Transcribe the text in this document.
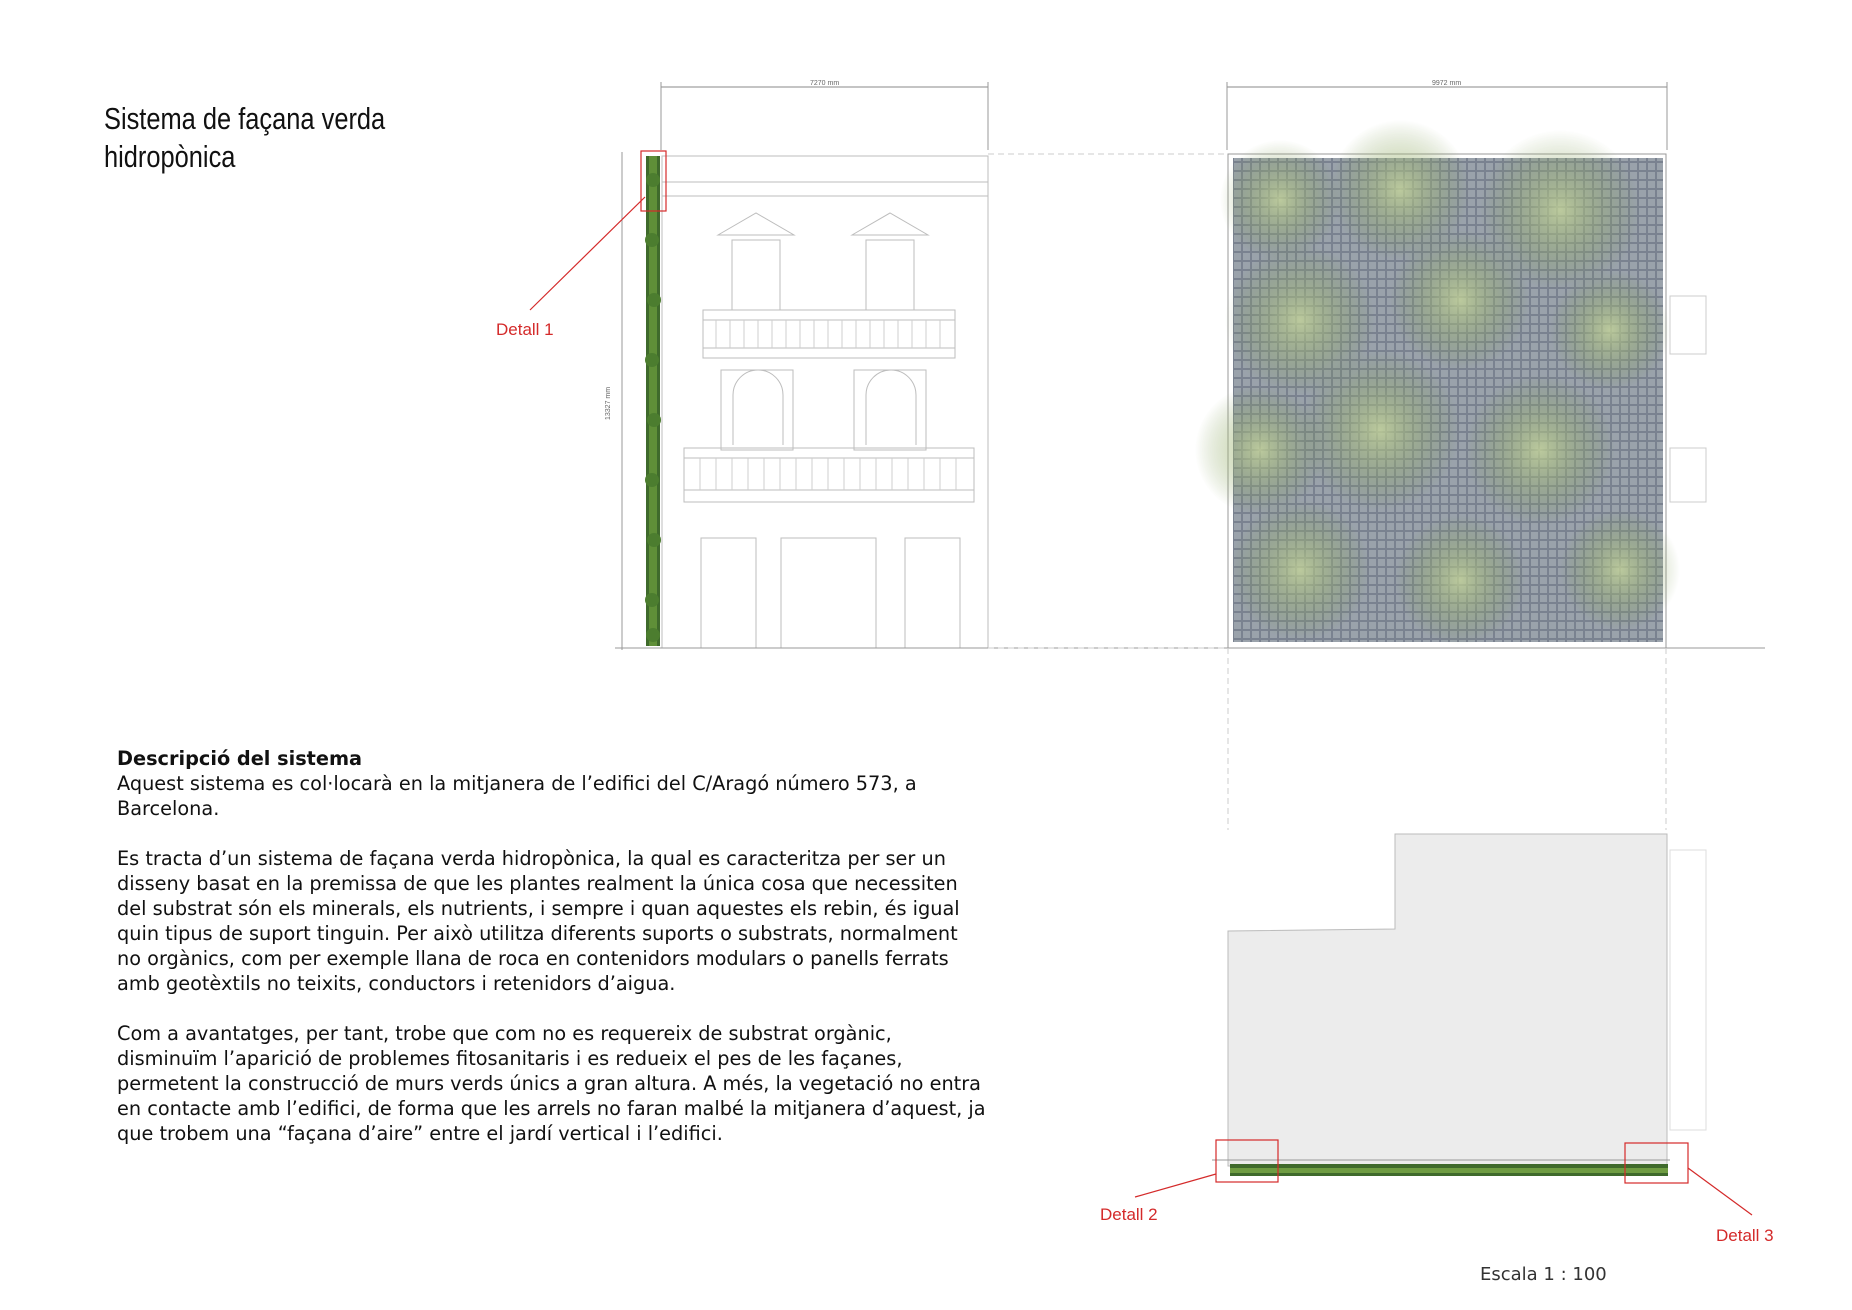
Sistema de façana verda
hidropònica
7270 mm	9972 mm
13327 mm
Detall 1
Detall 2
Detall 3
Descripció del sistema

Aquest sistema es col·locarà en la mitjanera de l’edifici del C/Aragó número 573, a Barcelona.

Es tracta d’un sistema de façana verda hidropònica, la qual es caracteritza per ser un disseny basat en la premissa de que les plantes realment la única cosa que necessiten del substrat són els minerals, els nutrients, i sempre i quan aquestes els rebin, és igual quin tipus de suport tinguin. Per això utilitza diferents suports o substrats, normalment no orgànics, com per exemple llana de roca en contenidors modulars o panells ferrats amb geotèxtils no teixits, conductors i retenidors d’aigua.

Com a avantatges, per tant, trobe que com no es requereix de substrat orgànic, disminuïm l’aparició de problemes fitosanitaris i es redueix el pes de les façanes, permetent la construcció de murs verds únics a gran altura. A més, la vegetació no entra en contacte amb l’edifici, de forma que les arrels no faran malbé la mitjanera d’aquest, ja que trobem una “façana d’aire” entre el jardí vertical i l’edifici.

Escala 1 : 100
